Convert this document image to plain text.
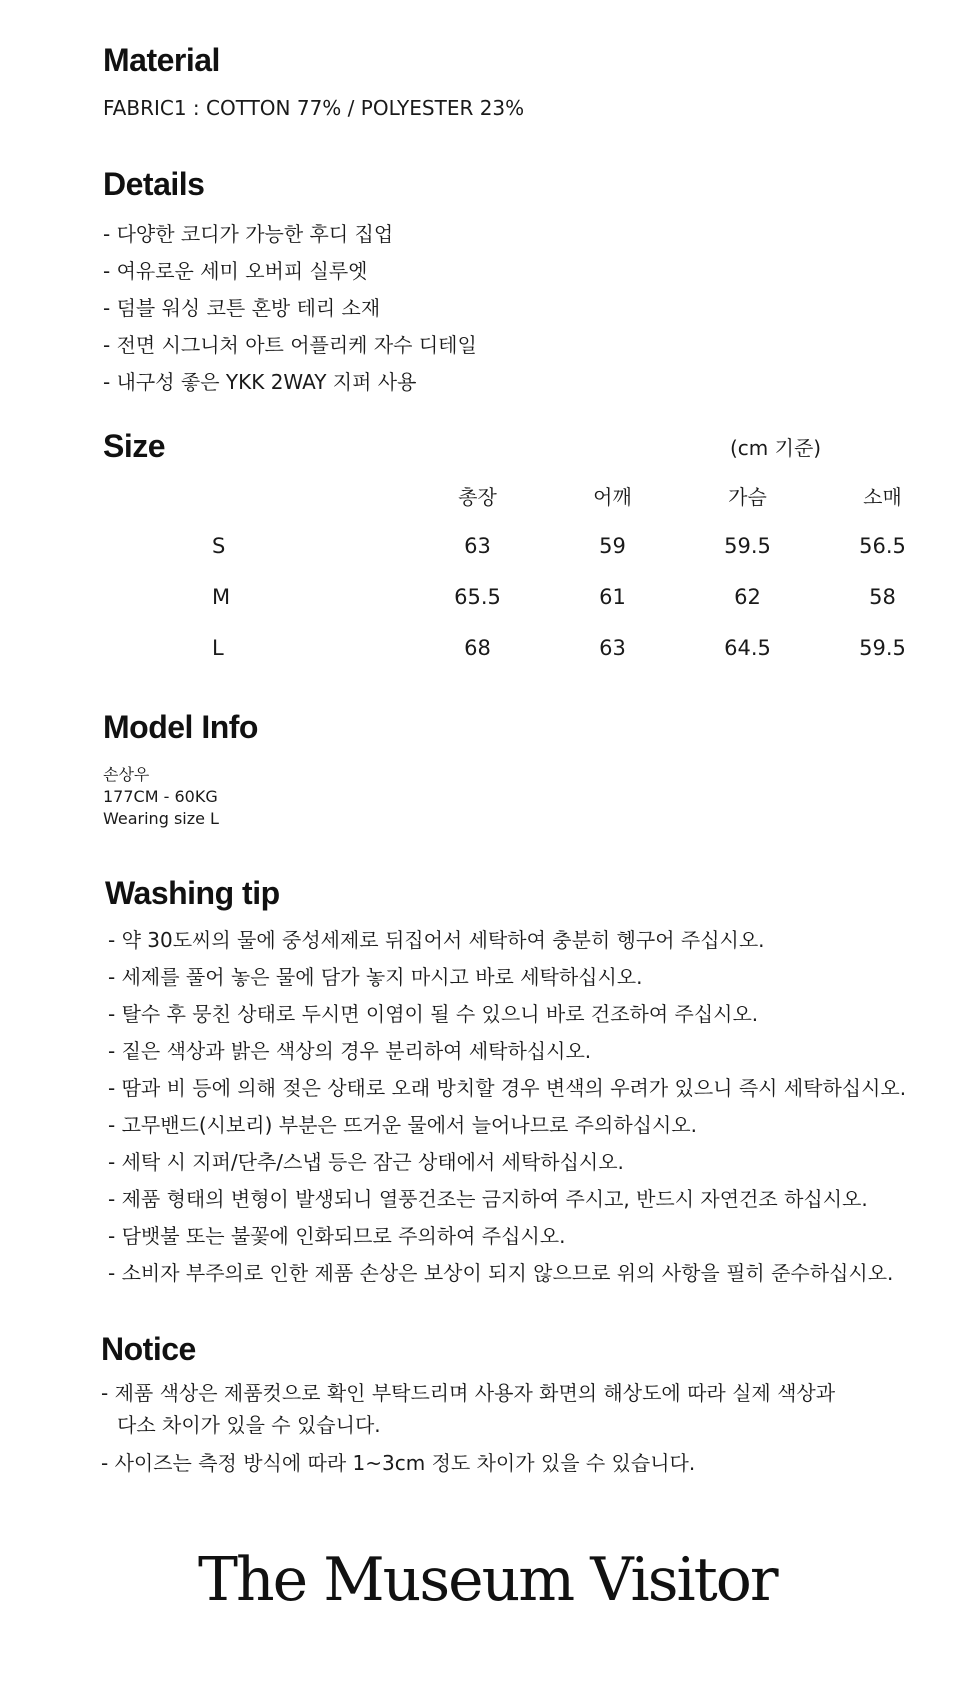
Material
FABRIC1 : COTTON 77% / POLYESTER 23%
Details
- 다양한 코디가 가능한 후디 집업
- 여유로운 세미 오버피 실루엣
- 덤블 워싱 코튼 혼방 테리 소재
- 전면 시그니처 아트 어플리케 자수 디테일
- 내구성 좋은 YKK 2WAY 지퍼 사용
Size	(cm 기준)
	총장	어깨	가슴	소매
S	63	59	59.5	56.5
M	65.5	61	62	58
L	68	63	64.5	59.5
Model Info
손상우
177CM - 60KG
Wearing size L
Washing tip
- 약 30도씨의 물에 중성세제로 뒤집어서 세탁하여 충분히 헹구어 주십시오.
- 세제를 풀어 놓은 물에 담가 놓지 마시고 바로 세탁하십시오.
- 탈수 후 뭉친 상태로 두시면 이염이 될 수 있으니 바로 건조하여 주십시오.
- 짙은 색상과 밝은 색상의 경우 분리하여 세탁하십시오.
- 땀과 비 등에 의해 젖은 상태로 오래 방치할 경우 변색의 우려가 있으니 즉시 세탁하십시오.
- 고무밴드(시보리) 부분은 뜨거운 물에서 늘어나므로 주의하십시오.
- 세탁 시 지퍼/단추/스냅 등은 잠근 상태에서 세탁하십시오.
- 제품 형태의 변형이 발생되니 열풍건조는 금지하여 주시고, 반드시 자연건조 하십시오.
- 담뱃불 또는 불꽃에 인화되므로 주의하여 주십시오.
- 소비자 부주의로 인한 제품 손상은 보상이 되지 않으므로 위의 사항을 필히 준수하십시오.
Notice
- 제품 색상은 제품컷으로 확인 부탁드리며 사용자 화면의 해상도에 따라 실제 색상과
다소 차이가 있을 수 있습니다.
- 사이즈는 측정 방식에 따라 1~3cm 정도 차이가 있을 수 있습니다.
The Museum Visitor
